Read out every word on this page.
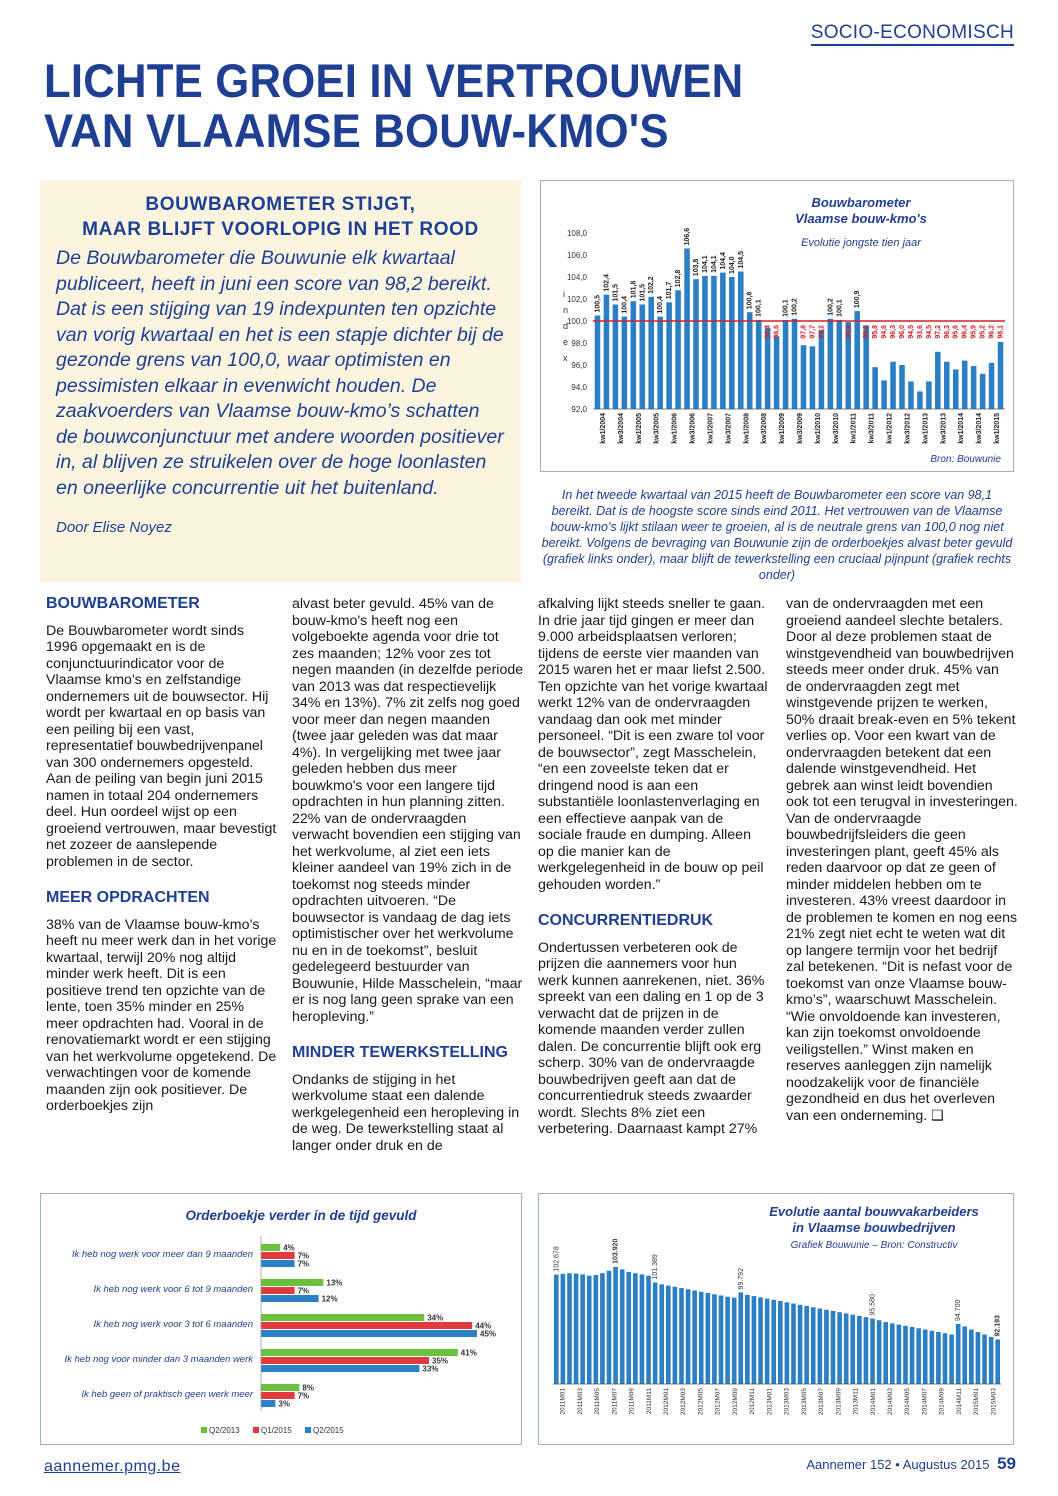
SOCIO-ECONOMISCH
LICHTE GROEI IN VERTROUWEN
VAN VLAAMSE BOUW-KMO'S
BOUWBAROMETER STIJGT,
MAAR BLIJFT VOORLOPIG IN HET ROOD

De Bouwbarometer die Bouwunie elk kwartaal publiceert, heeft in juni een score van 98,2 bereikt. Dat is een stijging van 19 indexpunten ten opzichte van vorig kwartaal en het is een stapje dichter bij de gezonde grens van 100,0, waar optimisten en pessimisten elkaar in evenwicht houden. De zaakvoerders van Vlaamse bouw-kmo’s schatten de bouwconjunctuur met andere woorden positiever in, al blijven ze struikelen over de hoge loonlasten en oneerlijke concurrentie uit het buitenland.

Door Elise Noyez

Bouwbarometer
Vlaamse bouw-kmo's
Evolutie jongste tien jaar
108,0
106,0
104,0
102,0
100,0
98,0
96,0
94,0
92,0
i
n
d
e
x
100,5
102,4
101,5
100,4
101,8 101,5 102,2
100,4
101,7
102,8
106,6
103,8 104,1 104,1 104,4 104,0 104,5
100,8 100,1
99,4 98,6
100,1 100,2
97,8 97,7 99,2
100,2 100,1
99,9
100,9
99,6 95,8 94,6 96,3 96,0 94,5 93,6 94,5 97,2 96,3 95,6 96,4 95,9 95,2 96,2 98,1
kw1/2004 kw3/2004 kw1/2005 kw3/2005 kw1/2006 kw3/2006 kw1/2007 kw3/2007 kw1/2008 kw3/2008 kw1/2009 kw3/2009 kw1/2010 kw3/2010 kw1/2011 kw3/2011 kw1/2012 kw3/2012 kw1/2013 kw3/2013 kw1/2014 kw3/2014 kw1/2015
Bron: Bouwunie
In het tweede kwartaal van 2015 heeft de Bouwbarometer een score van 98,1 bereikt. Dat is de hoogste score sinds eind 2011. Het vertrouwen van de Vlaamse bouw-kmo's lijkt stilaan weer te groeien, al is de neutrale grens van 100,0 nog niet bereikt. Volgens de bevraging van Bouwunie zijn de orderboekjes alvast beter gevuld (grafiek links onder), maar blijft de tewerkstelling een cruciaal pijnpunt (grafiek rechts onder)
BOUWBAROMETER

De Bouwbarometer wordt sinds 1996 opgemaakt en is de conjunctuurindicator voor de Vlaamse kmo's en zelfstandige ondernemers uit de bouwsector. Hij wordt per kwartaal en op basis van een peiling bij een vast, representatief bouwbedrijvenpanel van 300 ondernemers opgesteld. Aan de peiling van begin juni 2015 namen in totaal 204 ondernemers deel. Hun oordeel wijst op een groeiend vertrouwen, maar bevestigt net zozeer de aanslepende problemen in de sector.

MEER OPDRACHTEN

38% van de Vlaamse bouw-kmo’s heeft nu meer werk dan in het vorige kwartaal, terwijl 20% nog altijd minder werk heeft. Dit is een positieve trend ten opzichte van de lente, toen 35% minder en 25% meer opdrachten had. Vooral in de renovatiemarkt wordt er een stijging van het werkvolume opgetekend. De verwachtingen voor de komende maanden zijn ook positiever. De orderboekjes zijn

alvast beter gevuld. 45% van de bouw-kmo's heeft nog een volgeboekte agenda voor drie tot zes maanden; 12% voor zes tot negen maanden (in dezelfde periode van 2013 was dat respectievelijk 34% en 13%). 7% zit zelfs nog goed voor meer dan negen maanden (twee jaar geleden was dat maar 4%). In vergelijking met twee jaar geleden hebben dus meer bouwkmo's voor een langere tijd opdrachten in hun planning zitten. 22% van de ondervraagden verwacht bovendien een stijging van het werkvolume, al ziet een iets kleiner aandeel van 19% zich in de toekomst nog steeds minder opdrachten uitvoeren. “De bouwsector is vandaag de dag iets optimistischer over het werkvolume nu en in de toekomst”, besluit gedelegeerd bestuurder van Bouwunie, Hilde Masschelein, “maar er is nog lang geen sprake van een heropleving.”

MINDER TEWERKSTELLING

Ondanks de stijging in het werkvolume staat een dalende werkgelegenheid een heropleving in de weg. De tewerkstelling staat al langer onder druk en de

afkalving lijkt steeds sneller te gaan. In drie jaar tijd gingen er meer dan 9.000 arbeidsplaatsen verloren; tijdens de eerste vier maanden van 2015 waren het er maar liefst 2.500. Ten opzichte van het vorige kwartaal werkt 12% van de ondervraagden vandaag dan ook met minder personeel. “Dit is een zware tol voor de bouwsector”, zegt Masschelein, “en een zoveelste teken dat er dringend nood is aan een substantiële loonlastenverlaging en een effectieve aanpak van de sociale fraude en dumping. Alleen op die manier kan de werkgelegenheid in de bouw op peil gehouden worden.”

CONCURRENTIEDRUK

Ondertussen verbeteren ook de prijzen die aannemers voor hun werk kunnen aanrekenen, niet. 36% spreekt van een daling en 1 op de 3 verwacht dat de prijzen in de komende maanden verder zullen dalen. De concurrentie blijft ook erg scherp. 30% van de ondervraagde bouwbedrijven geeft aan dat de concurrentiedruk steeds zwaarder wordt. Slechts 8% ziet een verbetering. Daarnaast kampt 27%

van de ondervraagden met een groeiend aandeel slechte betalers. Door al deze problemen staat de winstgevendheid van bouwbedrijven steeds meer onder druk. 45% van de ondervraagden zegt met winstgevende prijzen te werken, 50% draait break-even en 5% tekent verlies op. Voor een kwart van de ondervraagden betekent dat een dalende winstgevendheid. Het gebrek aan winst leidt bovendien ook tot een terugval in investeringen. Van de ondervraagde bouwbedrijfsleiders die geen investeringen plant, geeft 45% als reden daarvoor op dat ze geen of minder middelen hebben om te investeren. 43% vreest daardoor in de problemen te komen en nog eens 21% zegt niet echt te weten wat dit op langere termijn voor het bedrijf zal betekenen. “Dit is nefast voor de toekomst van onze Vlaamse bouw-kmo’s”, waarschuwt Masschelein. “Wie onvoldoende kan investeren, kan zijn toekomst onvoldoende veiligstellen.” Winst maken en reserves aanleggen zijn namelijk noodzakelijk voor de financiële gezondheid en dus het overleven van een onderneming. ❑

Orderboekje verder in de tijd gevuld
Ik heb nog werk voor meer dan 9 maanden
4%
7%
7%
Ik heb nog werk voor 6 tot 9 maanden
13%
7%
12%
Ik heb nog werk voor 3 tot 6 maanden
34%
44%
45%
Ik heb nog voor minder dan 3 maanden werk
41%
35%
33%
Ik heb geen of praktisch geen werk meer
8%
7%
3%
Q2/2013	Q1/2015	Q2/2015
Evolutie aantal bouwvakarbeiders
in Vlaamse bouwbedrijven
Grafiek Bouwunie – Bron: Constructiv
102.678	103.920
101.389	99.792
95.580	94.700
92.193
2011M01 2011M03 2011M05 2011M07 2011M09 2011M11 2012M01 2012M03 2012M05 2012M07 2012M09 2012M11 2013M01 2013M03 2013M05 2013M07 2013M09 2013M11 2014M01 2014M03 2014M05 2014M07 2014M09 2014M11 2015M01 2015M03
aannemer.pmg.be	Aannemer 152 • Augustus 2015 59
